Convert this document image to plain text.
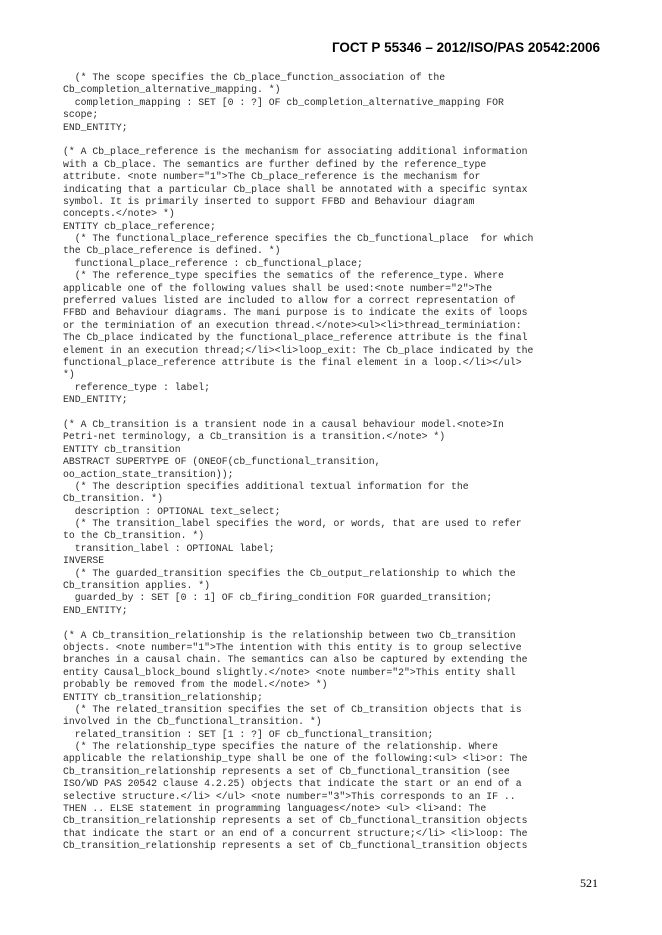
ГОСТ Р 55346 – 2012/ISO/PAS 20542:2006
(* The scope specifies the Cb_place_function_association of the
Cb_completion_alternative_mapping. *)
completion_mapping : SET [0 : ?] OF cb_completion_alternative_mapping FOR
scope;
END_ENTITY;
(* A Cb_place_reference is the mechanism for associating additional information
with a Cb_place. The semantics are further defined by the reference_type
attribute. <note number="1">The Cb_place_reference is the mechanism for
indicating that a particular Cb_place shall be annotated with a specific syntax
symbol. It is primarily inserted to support FFBD and Behaviour diagram
concepts.</note> *)
ENTITY cb_place_reference;
(* The functional_place_reference specifies the Cb_functional_place  for which
the Cb_place_reference is defined. *)
functional_place_reference : cb_functional_place;
(* The reference_type specifies the sematics of the reference_type. Where
applicable one of the following values shall be used:<note number="2">The
preferred values listed are included to allow for a correct representation of
FFBD and Behaviour diagrams. The mani purpose is to indicate the exits of loops
or the terminiation of an execution thread.</note><ul><li>thread_terminiation:
The Cb_place indicated by the functional_place_reference attribute is the final
element in an execution thread;</li><li>loop_exit: The Cb_place indicated by the
functional_place_reference attribute is the final element in a loop.</li></ul>
*)
reference_type : label;
END_ENTITY;
(* A Cb_transition is a transient node in a causal behaviour model.<note>In
Petri-net terminology, a Cb_transition is a transition.</note> *)
ENTITY cb_transition
ABSTRACT SUPERTYPE OF (ONEOF(cb_functional_transition,
oo_action_state_transition));
(* The description specifies additional textual information for the
Cb_transition. *)
description : OPTIONAL text_select;
(* The transition_label specifies the word, or words, that are used to refer
to the Cb_transition. *)
transition_label : OPTIONAL label;
INVERSE
(* The guarded_transition specifies the Cb_output_relationship to which the
Cb_transition applies. *)
guarded_by : SET [0 : 1] OF cb_firing_condition FOR guarded_transition;
END_ENTITY;
(* A Cb_transition_relationship is the relationship between two Cb_transition
objects. <note number="1">The intention with this entity is to group selective
branches in a causal chain. The semantics can also be captured by extending the
entity Causal_block_bound slightly.</note> <note number="2">This entity shall
probably be removed from the model.</note> *)
ENTITY cb_transition_relationship;
(* The related_transition specifies the set of Cb_transition objects that is
involved in the Cb_functional_transition. *)
related_transition : SET [1 : ?] OF cb_functional_transition;
(* The relationship_type specifies the nature of the relationship. Where
applicable the relationship_type shall be one of the following:<ul> <li>or: The
Cb_transition_relationship represents a set of Cb_functional_transition (see
ISO/WD PAS 20542 clause 4.2.25) objects that indicate the start or an end of a
selective structure.</li> </ul> <note number="3">This corresponds to an IF ..
THEN .. ELSE statement in programming languages</note> <ul> <li>and: The
Cb_transition_relationship represents a set of Cb_functional_transition objects
that indicate the start or an end of a concurrent structure;</li> <li>loop: The
Cb_transition_relationship represents a set of Cb_functional_transition objects
521
